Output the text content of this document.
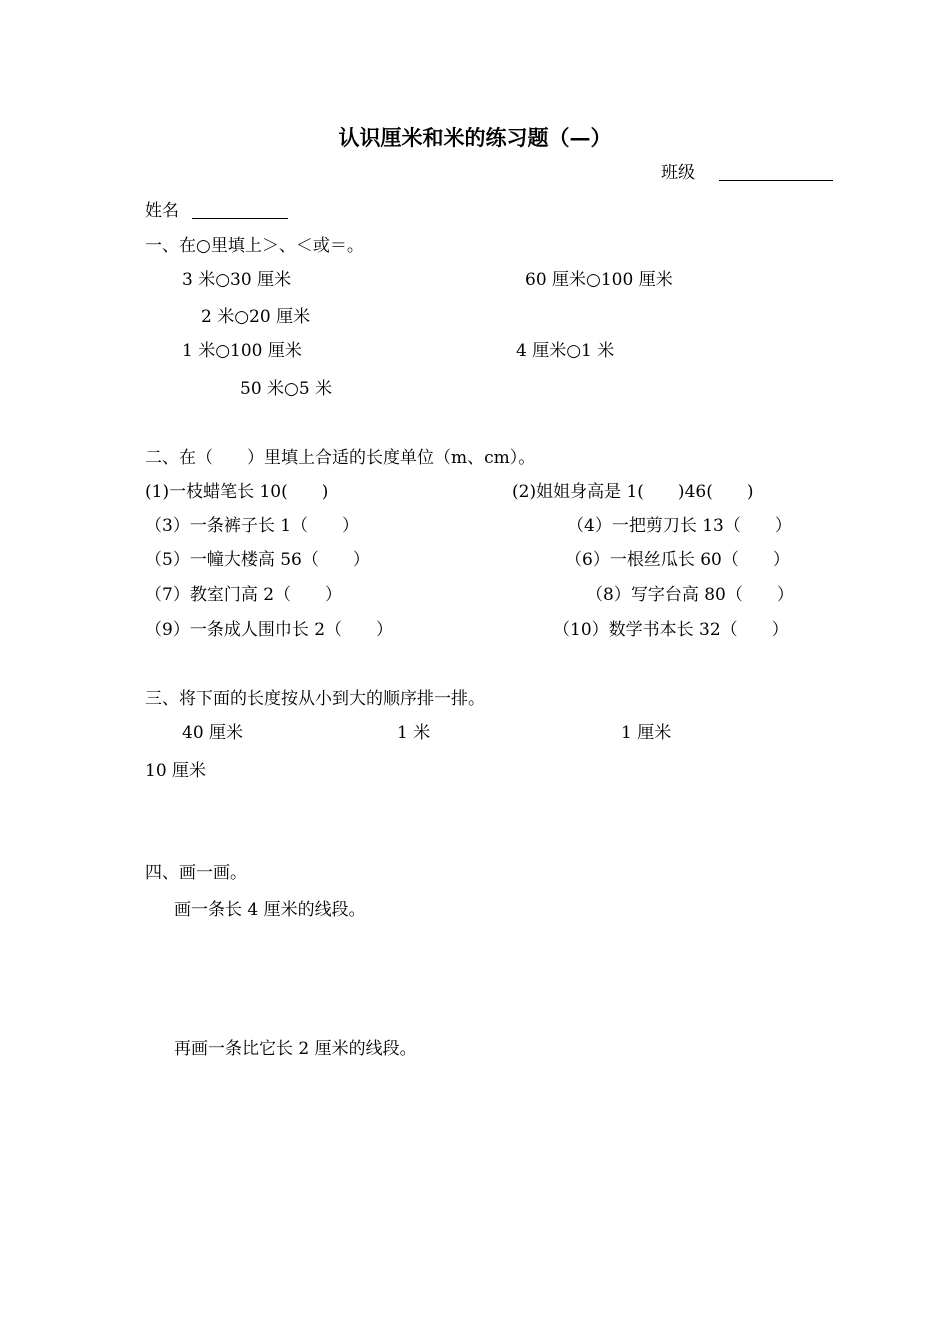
认识厘米和米的练习题（—）
班级
姓名
一、在○里填上＞、＜或＝。
3 米○30 厘米	60 厘米○100 厘米
2 米○20 厘米
1 米○100 厘米	4 厘米○1 米
50 米○5 米
二、在（　　）里填上合适的长度单位（m、cm）。
(1)一枝蜡笔长 10(　　)	(2)姐姐身高是 1(　　)46(　　)
（3）一条裤子长 1（　　）	（4）一把剪刀长 13（　　）
（5）一幢大楼高 56（　　）	（6）一根丝瓜长 60（　　）
（7）教室门高 2（　　）	（8）写字台高 80（　　）
（9）一条成人围巾长 2（　　）	（10）数学书本长 32（　　）
三、将下面的长度按从小到大的顺序排一排。
40 厘米	1 米	1 厘米
10 厘米
四、画一画。
画一条长 4 厘米的线段。
再画一条比它长 2 厘米的线段。
